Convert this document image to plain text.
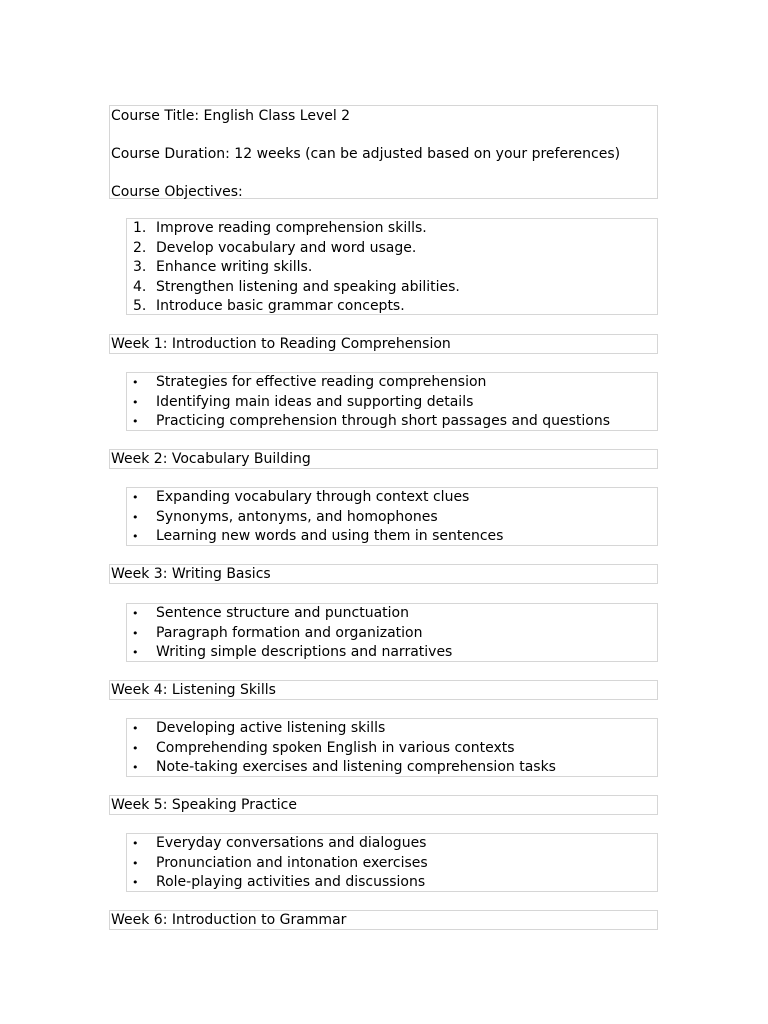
Course Title: English Class Level 2

Course Duration: 12 weeks (can be adjusted based on your preferences)

Course Objectives:

1. Improve reading comprehension skills.
2. Develop vocabulary and word usage.
3. Enhance writing skills.
4. Strengthen listening and speaking abilities.
5. Introduce basic grammar concepts.
Week 1: Introduction to Reading Comprehension
•	Strategies for effective reading comprehension
•	Identifying main ideas and supporting details
•	Practicing comprehension through short passages and questions
Week 2: Vocabulary Building
•	Expanding vocabulary through context clues
•	Synonyms, antonyms, and homophones
•	Learning new words and using them in sentences
Week 3: Writing Basics
•	Sentence structure and punctuation
•	Paragraph formation and organization
•	Writing simple descriptions and narratives
Week 4: Listening Skills
•	Developing active listening skills
•	Comprehending spoken English in various contexts
•	Note-taking exercises and listening comprehension tasks
Week 5: Speaking Practice
•	Everyday conversations and dialogues
•	Pronunciation and intonation exercises
•	Role-playing activities and discussions
Week 6: Introduction to Grammar
